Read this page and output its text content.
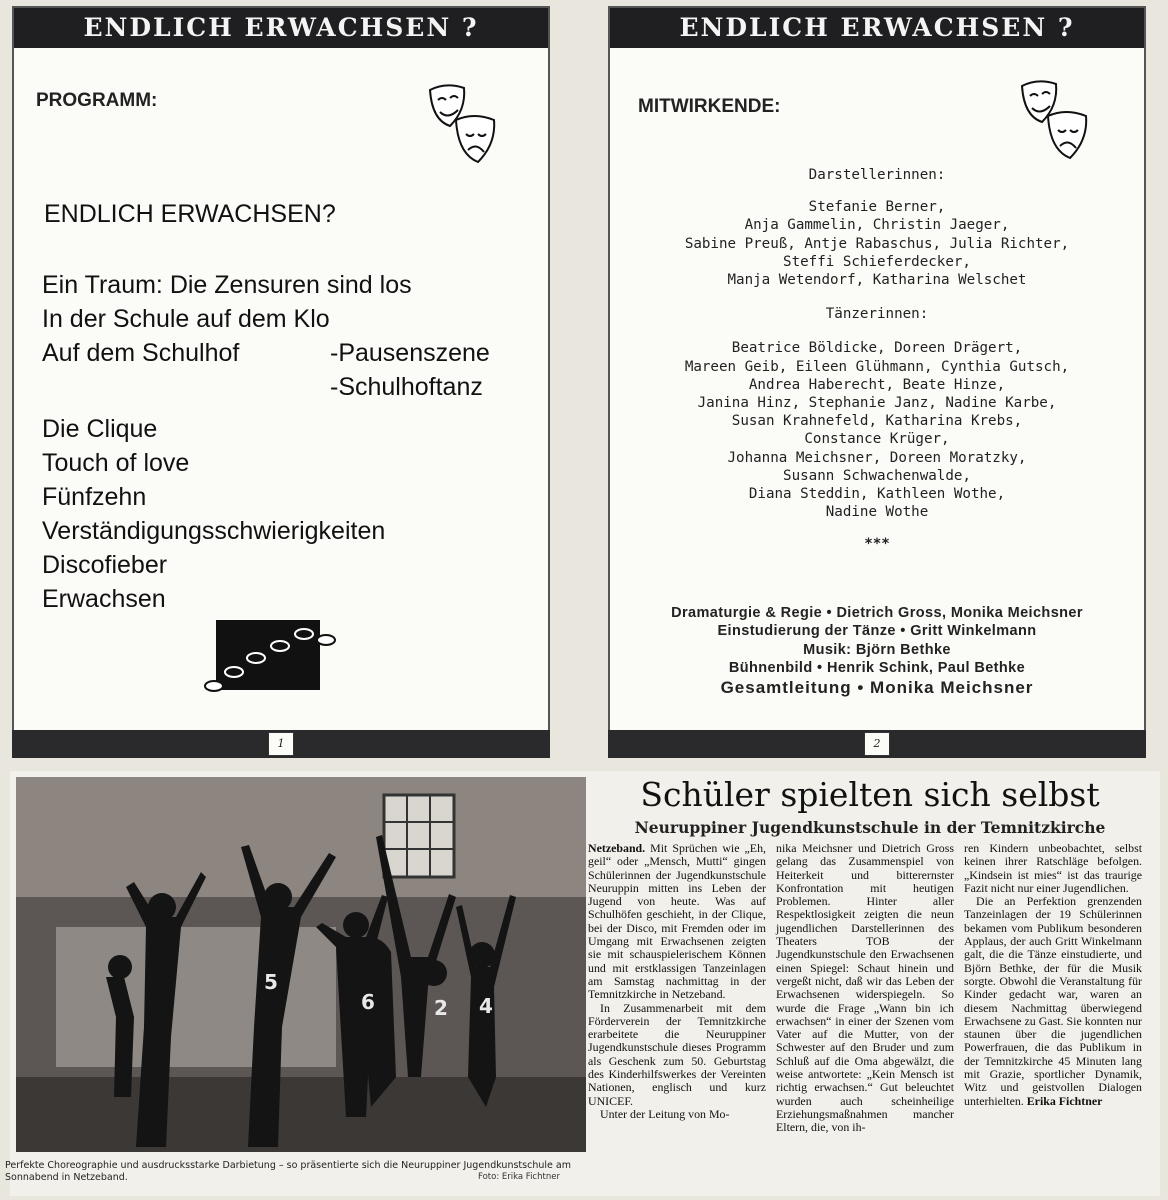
ENDLICH ERWACHSEN ?
PROGRAMM:
ENDLICH ERWACHSEN?
Ein Traum: Die Zensuren sind los
In der Schule auf dem Klo
Auf dem Schulhof	-Pausenszene
-Schulhoftanz
Die Clique
Touch of love
Fünfzehn
Verständigungsschwierigkeiten
Discofieber
Erwachsen
1
ENDLICH ERWACHSEN ?
MITWIRKENDE:
Darstellerinnen:
Stefanie Berner,
Anja Gammelin, Christin Jaeger,
Sabine Preuß, Antje Rabaschus, Julia Richter,
Steffi Schieferdecker,
Manja Wetendorf, Katharina Welschet
Tänzerinnen:
Beatrice Böldicke, Doreen Drägert,
Mareen Geib, Eileen Glühmann, Cynthia Gutsch,
Andrea Haberecht, Beate Hinze,
Janina Hinz, Stephanie Janz, Nadine Karbe,
Susan Krahnefeld, Katharina Krebs,
Constance Krüger,
Johanna Meichsner, Doreen Moratzky,
Susann Schwachenwalde,
Diana Steddin, Kathleen Wothe,
Nadine Wothe
***
Dramaturgie & Regie • Dietrich Gross, Monika Meichsner
Einstudierung der Tänze • Gritt Winkelmann
Musik: Björn Bethke
Bühnenbild • Henrik Schink, Paul Bethke
Gesamtleitung • Monika Meichsner
2
5
6	2 4
Perfekte Choreographie und ausdrucksstarke Darbietung – so präsentierte sich die Neuruppiner Jugendkunstschule am Sonnabend in Netzeband.	Foto: Erika Fichtner
Schüler spielten sich selbst
Neuruppiner Jugendkunstschule in der Temnitzkirche

Netzeband. Mit Sprüchen wie „Eh, geil“ oder „Mensch, Mutti“ gingen Schülerinnen der Jugendkunstschule Neuruppin mitten ins Leben der Jugend von heute. Was auf Schulhöfen geschieht, in der Clique, bei der Disco, mit Fremden oder im Umgang mit Erwachsenen zeigten sie mit schauspielerischem Können und mit erstklassigen Tanzeinlagen am Samstag nachmittag in der Temnitzkirche in Netzeband.

In Zusammenarbeit mit dem Förderverein der Temnitzkirche erarbeitete die Neuruppiner Jugendkunstschule dieses Programm als Geschenk zum 50. Geburtstag des Kinderhilfswerkes der Vereinten Nationen, englisch und kurz UNICEF.

Unter der Leitung von Mo-

nika Meichsner und Dietrich Gross gelang das Zusammenspiel von Heiterkeit und bitterernster Konfrontation mit heutigen Problemen. Hinter aller Respektlosigkeit zeigten die neun jugendlichen Darstellerinnen des Theaters TOB der Jugendkunstschule den Erwachsenen einen Spiegel: Schaut hinein und vergeßt nicht, daß wir das Leben der Erwachsenen widerspiegeln. So wurde die Frage „Wann bin ich erwachsen“ in einer der Szenen vom Vater auf die Mutter, von der Schwester auf den Bruder und zum Schluß auf die Oma abgewälzt, die weise antwortete: „Kein Mensch ist richtig erwachsen.“ Gut beleuchtet wurden auch scheinheilige Erziehungsmaßnahmen mancher Eltern, die, von ih-

ren Kindern unbeobachtet, selbst keinen ihrer Ratschläge befolgen. „Kindsein ist mies“ ist das traurige Fazit nicht nur einer Jugendlichen.

Die an Perfektion grenzenden Tanzeinlagen der 19 Schülerinnen bekamen vom Publikum besonderen Applaus, der auch Gritt Winkelmann galt, die die Tänze einstudierte, und Björn Bethke, der für die Musik sorgte. Obwohl die Veranstaltung für Kinder gedacht war, waren an diesem Nachmittag überwiegend Erwachsene zu Gast. Sie konnten nur staunen über die jugendlichen Powerfrauen, die das Publikum in der Temnitzkirche 45 Minuten lang mit Grazie, sportlicher Dynamik, Witz und geistvollen Dialogen unterhielten. Erika Fichtner
